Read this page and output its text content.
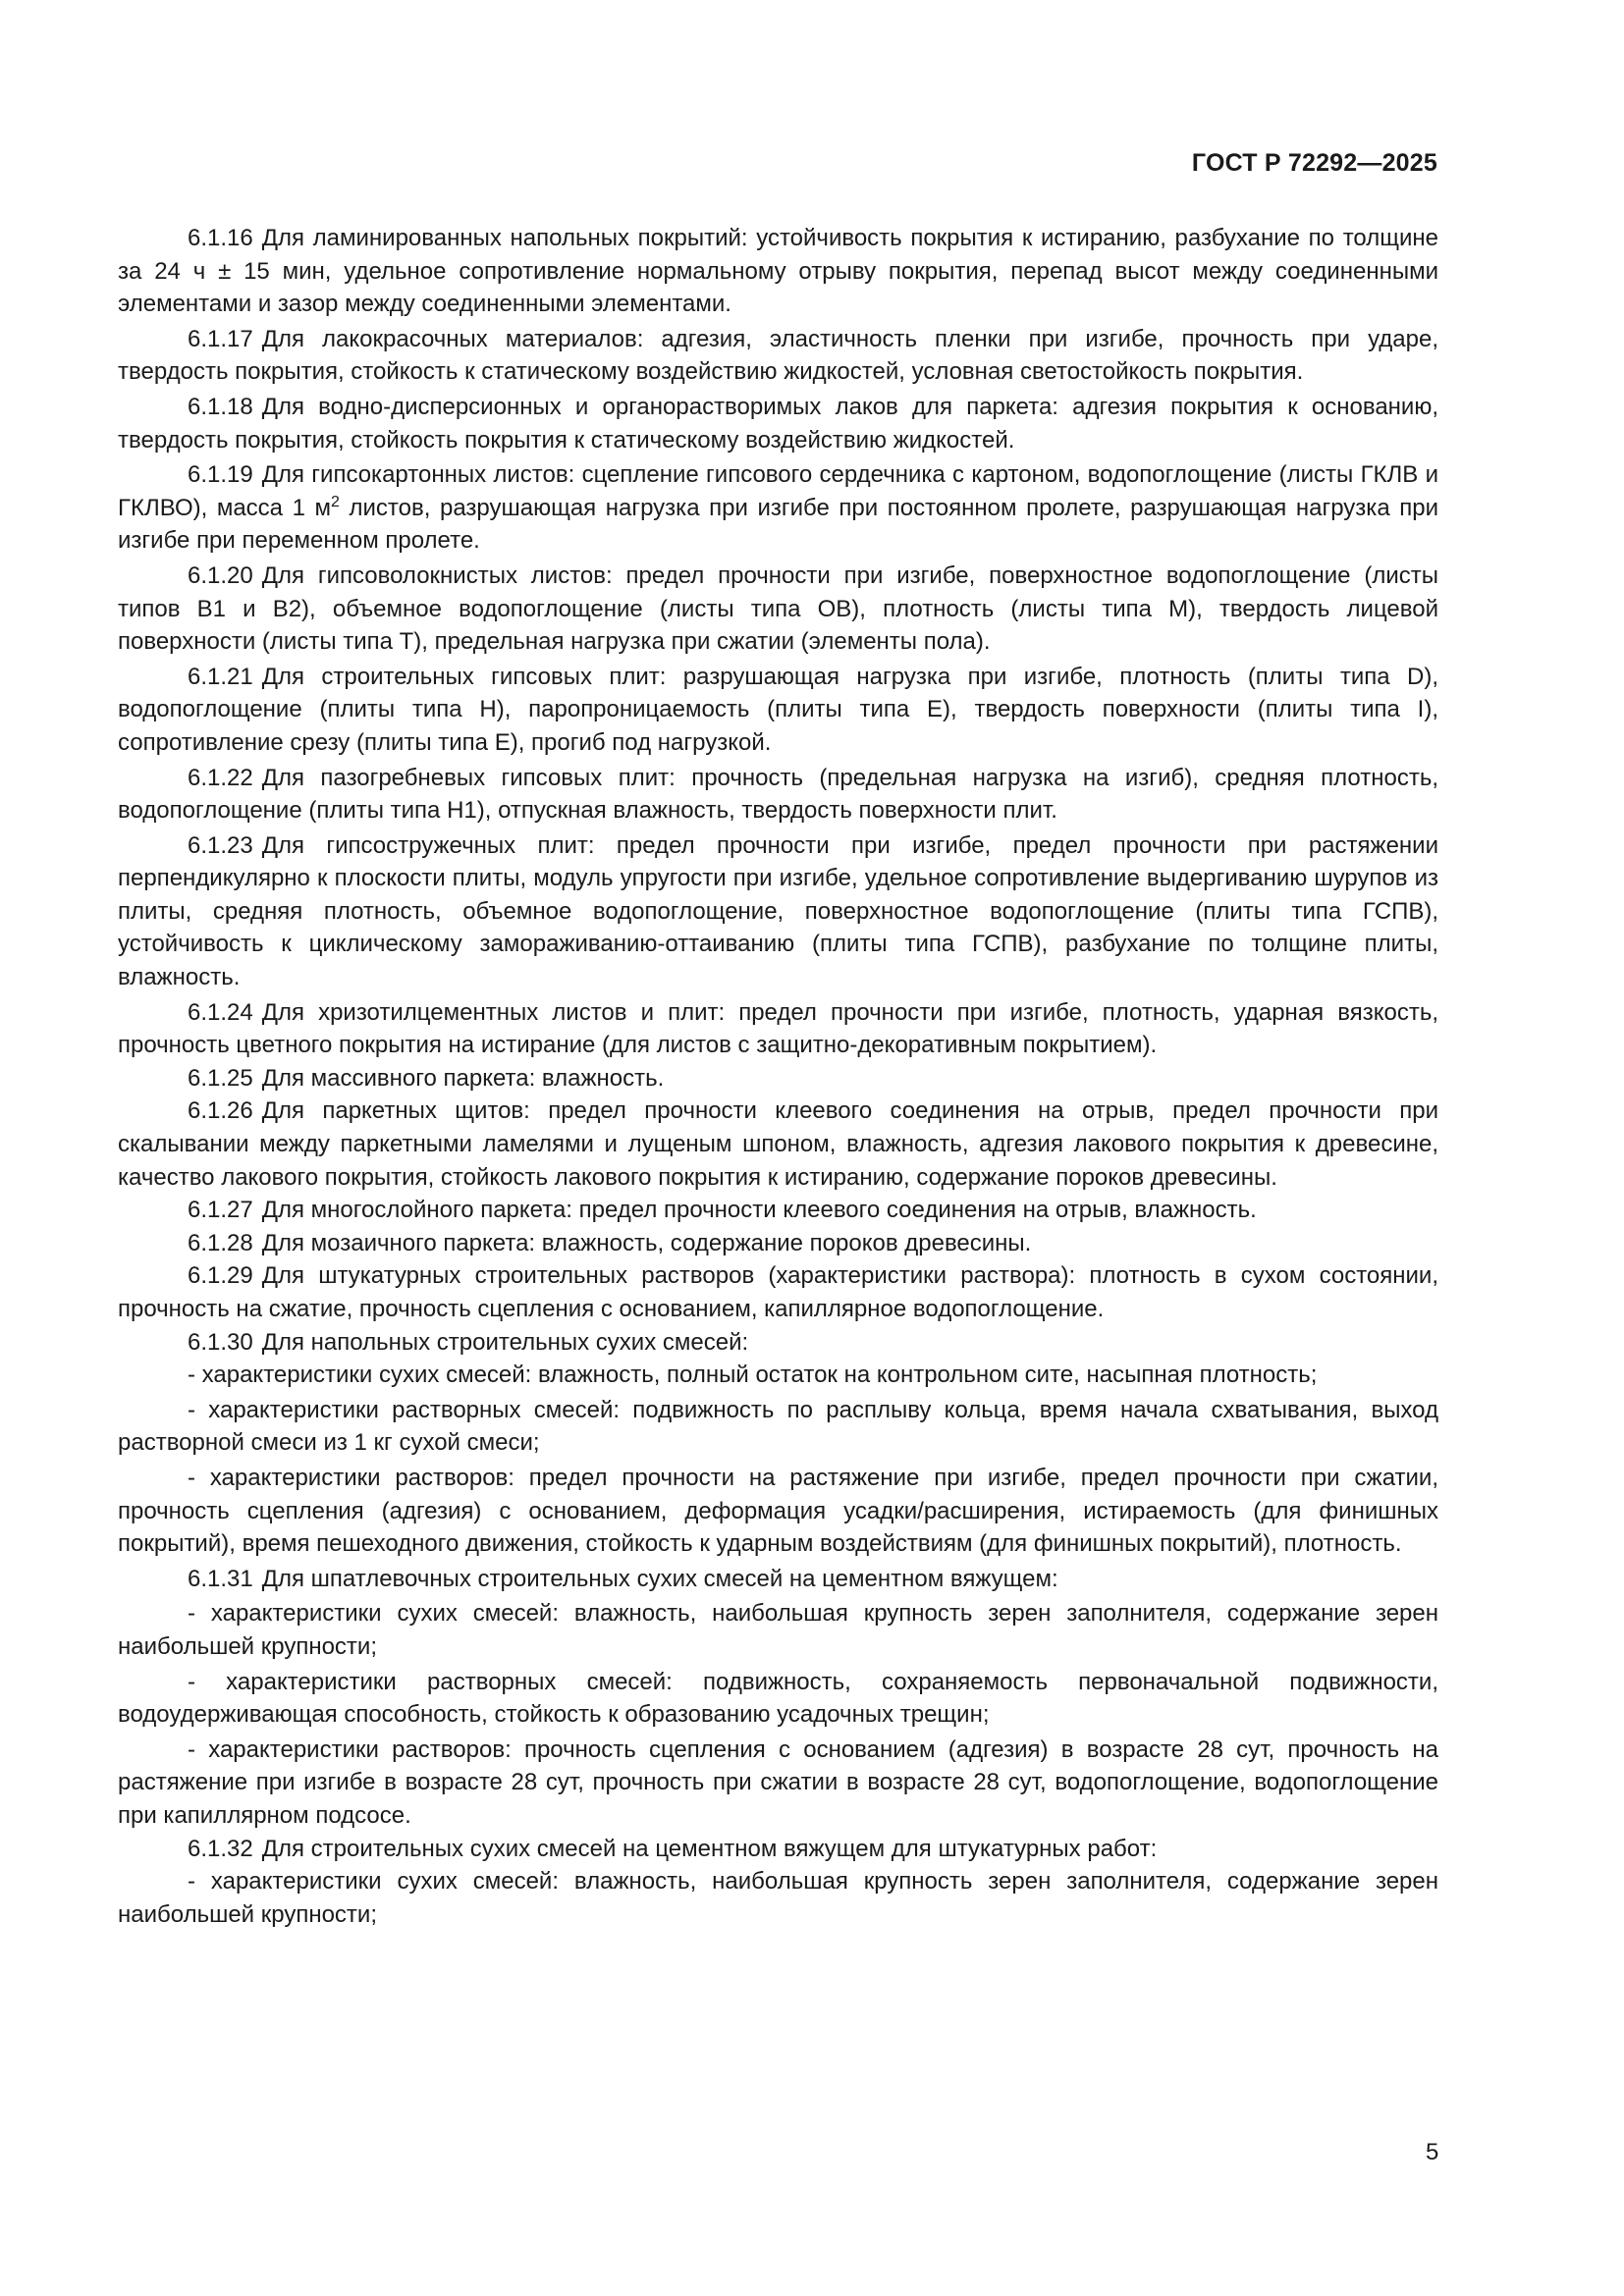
ГОСТ Р 72292—2025

6.1.16 Для ламинированных напольных покрытий: устойчивость покрытия к истиранию, разбухание по толщине за 24 ч ± 15 мин, удельное сопротивление нормальному отрыву покрытия, перепад высот между соединенными элементами и зазор между соединенными элементами.

6.1.17 Для лакокрасочных материалов: адгезия, эластичность пленки при изгибе, прочность при ударе, твердость покрытия, стойкость к статическому воздействию жидкостей, условная светостойкость покрытия.

6.1.18 Для водно-дисперсионных и органорастворимых лаков для паркета: адгезия покрытия к основанию, твердость покрытия, стойкость покрытия к статическому воздействию жидкостей.

6.1.19 Для гипсокартонных листов: сцепление гипсового сердечника с картоном, водопоглощение (листы ГКЛВ и ГКЛВО), масса 1 $м^2$ листов, разрушающая нагрузка при изгибе при постоянном пролете, разрушающая нагрузка при изгибе при переменном пролете.

6.1.20 Для гипсоволокнистых листов: предел прочности при изгибе, поверхностное водопоглощение (листы типов В1 и В2), объемное водопоглощение (листы типа ОВ), плотность (листы типа М), твердость лицевой поверхности (листы типа Т), предельная нагрузка при сжатии (элементы пола).

6.1.21 Для строительных гипсовых плит: разрушающая нагрузка при изгибе, плотность (плиты типа D), водопоглощение (плиты типа H), паропроницаемость (плиты типа E), твердость поверхности (плиты типа I), сопротивление срезу (плиты типа E), прогиб под нагрузкой.

6.1.22 Для пазогребневых гипсовых плит: прочность (предельная нагрузка на изгиб), средняя плотность, водопоглощение (плиты типа H1), отпускная влажность, твердость поверхности плит.

6.1.23 Для гипсостружечных плит: предел прочности при изгибе, предел прочности при растяжении перпендикулярно к плоскости плиты, модуль упругости при изгибе, удельное сопротивление выдергиванию шурупов из плиты, средняя плотность, объемное водопоглощение, поверхностное водопоглощение (плиты типа ГСПВ), устойчивость к циклическому замораживанию-оттаиванию (плиты типа ГСПВ), разбухание по толщине плиты, влажность.

6.1.24 Для хризотилцементных листов и плит: предел прочности при изгибе, плотность, ударная вязкость, прочность цветного покрытия на истирание (для листов с защитно-декоративным покрытием).

6.1.25 Для массивного паркета: влажность.

6.1.26 Для паркетных щитов: предел прочности клеевого соединения на отрыв, предел прочности при скалывании между паркетными ламелями и лущеным шпоном, влажность, адгезия лакового покрытия к древесине, качество лакового покрытия, стойкость лакового покрытия к истиранию, содержание пороков древесины.

6.1.27 Для многослойного паркета: предел прочности клеевого соединения на отрыв, влажность.

6.1.28 Для мозаичного паркета: влажность, содержание пороков древесины.

6.1.29 Для штукатурных строительных растворов (характеристики раствора): плотность в сухом состоянии, прочность на сжатие, прочность сцепления с основанием, капиллярное водопоглощение.

6.1.30 Для напольных строительных сухих смесей:

- характеристики сухих смесей: влажность, полный остаток на контрольном сите, насыпная плотность;

- характеристики растворных смесей: подвижность по расплыву кольца, время начала схватывания, выход растворной смеси из 1 кг сухой смеси;

- характеристики растворов: предел прочности на растяжение при изгибе, предел прочности при сжатии, прочность сцепления (адгезия) с основанием, деформация усадки/расширения, истираемость (для финишных покрытий), время пешеходного движения, стойкость к ударным воздействиям (для финишных покрытий), плотность.

6.1.31 Для шпатлевочных строительных сухих смесей на цементном вяжущем:

- характеристики сухих смесей: влажность, наибольшая крупность зерен заполнителя, содержание зерен наибольшей крупности;

- характеристики растворных смесей: подвижность, сохраняемость первоначальной подвижности, водоудерживающая способность, стойкость к образованию усадочных трещин;

- характеристики растворов: прочность сцепления с основанием (адгезия) в возрасте 28 сут, прочность на растяжение при изгибе в возрасте 28 сут, прочность при сжатии в возрасте 28 сут, водопоглощение, водопоглощение при капиллярном подсосе.

6.1.32 Для строительных сухих смесей на цементном вяжущем для штукатурных работ:

- характеристики сухих смесей: влажность, наибольшая крупность зерен заполнителя, содержание зерен наибольшей крупности;

5
